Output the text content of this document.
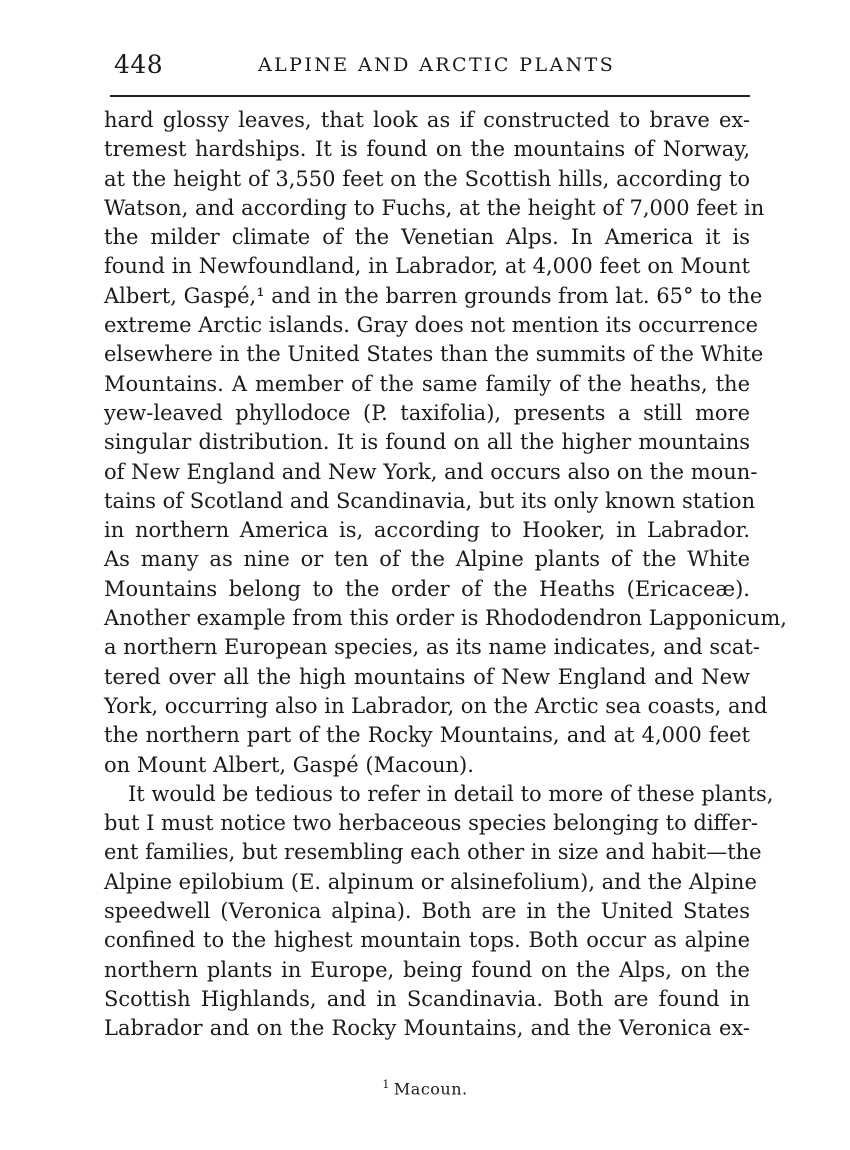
448	ALPINE AND ARCTIC PLANTS
hard glossy leaves, that look as if constructed to brave ex-
tremest hardships. It is found on the mountains of Norway,
at the height of 3,550 feet on the Scottish hills, according to
Watson, and according to Fuchs, at the height of 7,000 feet in
the milder climate of the Venetian Alps. In America it is
found in Newfoundland, in Labrador, at 4,000 feet on Mount
Albert, Gaspé,¹ and in the barren grounds from lat. 65° to the
extreme Arctic islands. Gray does not mention its occurrence
elsewhere in the United States than the summits of the White
Mountains. A member of the same family of the heaths, the
yew-leaved phyllodoce (P. taxifolia), presents a still more
singular distribution. It is found on all the higher mountains
of New England and New York, and occurs also on the moun-
tains of Scotland and Scandinavia, but its only known station
in northern America is, according to Hooker, in Labrador.
As many as nine or ten of the Alpine plants of the White
Mountains belong to the order of the Heaths (Ericaceæ).
Another example from this order is Rhododendron Lapponicum,
a northern European species, as its name indicates, and scat-
tered over all the high mountains of New England and New
York, occurring also in Labrador, on the Arctic sea coasts, and
the northern part of the Rocky Mountains, and at 4,000 feet
on Mount Albert, Gaspé (Macoun).
It would be tedious to refer in detail to more of these plants,
but I must notice two herbaceous species belonging to differ-
ent families, but resembling each other in size and habit—the
Alpine epilobium (E. alpinum or alsinefolium), and the Alpine
speedwell (Veronica alpina). Both are in the United States
confined to the highest mountain tops. Both occur as alpine
northern plants in Europe, being found on the Alps, on the
Scottish Highlands, and in Scandinavia. Both are found in
Labrador and on the Rocky Mountains, and the Veronica ex-
$^1$ Macoun.
